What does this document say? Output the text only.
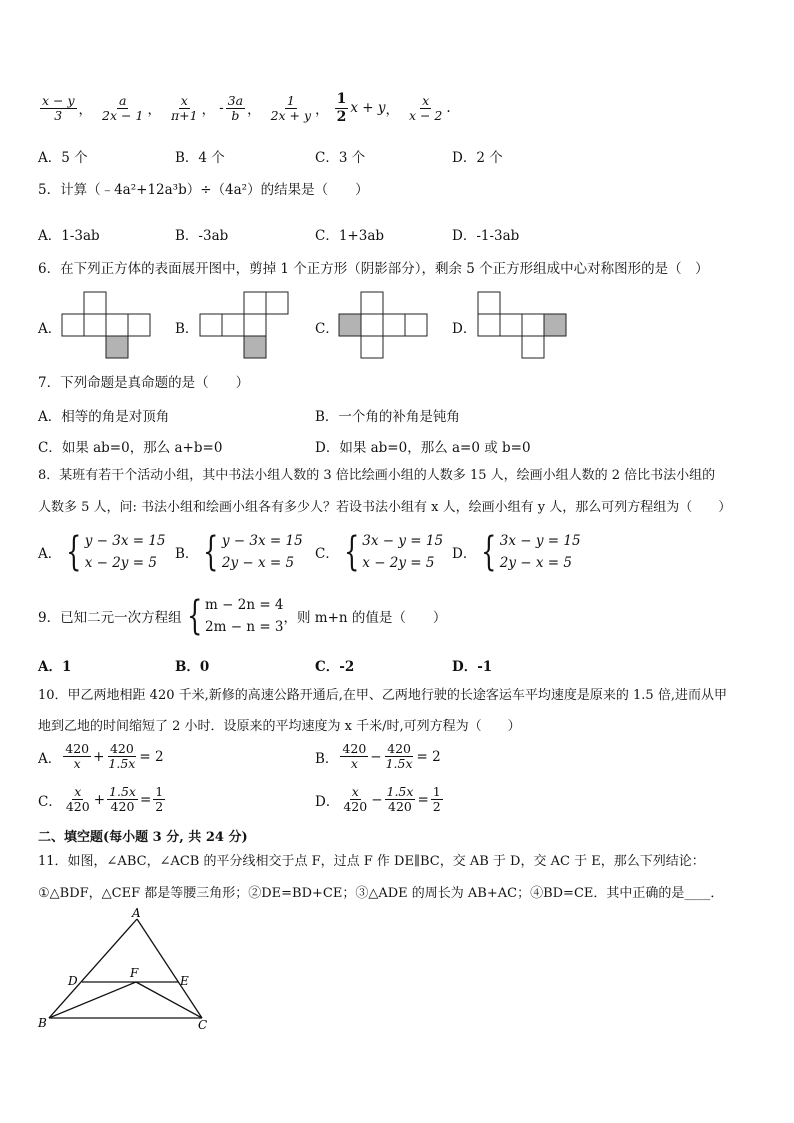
$\frac{x - y}{3}$ ， $\frac{a}{2x - 1}$ ， $\frac{x}{\pi+1}$ ， - $\frac{3a}{b}$ ， $\frac{1}{2x + y}$ ， $\frac{1}{2}$ x + y ， $\frac{x}{x - 2}$ .
A．5 个	B．4 个	C．3 个	D．2 个
5．计算（﹣4a²+12a³b）÷（4a²）的结果是（　　）
A．1-3ab	B．-3ab	C．1+3ab	D．-1-3ab
6．在下列正方体的表面展开图中，剪掉 1 个正方形（阴影部分），剩余 5 个正方形组成中心对称图形的是（　）
A．	B．	C．	D．
7．下列命题是真命题的是（　　）
A．相等的角是对顶角	B．一个角的补角是钝角
C．如果 ab=0，那么 a+b=0	D．如果 ab=0，那么 a=0 或 b=0
8．某班有若干个活动小组，其中书法小组人数的 3 倍比绘画小组的人数多 15 人，绘画小组人数的 2 倍比书法小组的
人数多 5 人，问: 书法小组和绘画小组各有多少人？若设书法小组有 x 人，绘画小组有 y 人，那么可列方程组为（　　）
A． { y − 3x = 15
x − 2y = 5
B． { y − 3x = 15
2y − x = 5
C． { 3x − y = 15
x − 2y = 5
D． { 3x − y = 15
2y − x = 5
9．已知二元一次方程组 { m − 2n = 4
2m − n = 3
，则 m+n 的值是（　　）
A．1	B．0	C．-2	D．-1
10．甲乙两地相距 420 千米,新修的高速公路开通后,在甲、乙两地行驶的长途客运车平均速度是原来的 1.5 倍,进而从甲
地到乙地的时间缩短了 2 小时．设原来的平均速度为 x 千米/时,可列方程为（　　）
A． $\frac{420}{x} + \frac{420}{1.5x} = 2$	B． $\frac{420}{x} - \frac{420}{1.5x} = 2$
C． $\frac{x}{420} + \frac{1.5x}{420} = \frac{1}{2}$	D． $\frac{x}{420} - \frac{1.5x}{420} = \frac{1}{2}$
二、填空题(每小题 3 分, 共 24 分)
11．如图，∠ABC，∠ACB 的平分线相交于点 F，过点 F 作 DE∥BC，交 AB 于 D，交 AC 于 E，那么下列结论：
①△BDF，△CEF 都是等腰三角形；②DE=BD+CE；③△ADE 的周长为 AB+AC；④BD=CE．其中正确的是____．
A
B	C
D	E
F
